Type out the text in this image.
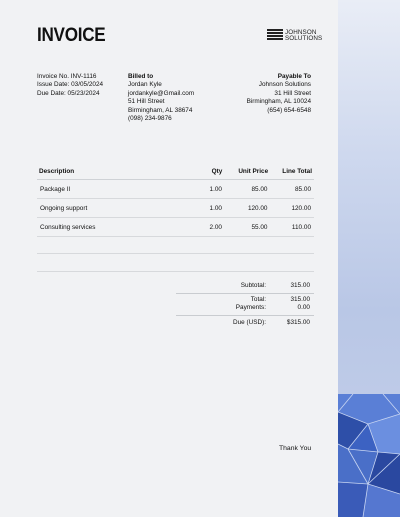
INVOICE	JOHNSON
SOLUTIONS
Invoice No. INV-1116
Issue Date: 03/05/2024
Due Date: 05/23/2024
Billed to
Jordan Kyle
jordankyle@Gmail.com
51 Hill Street
Birmingham, AL 38674
(098) 234-9876
Payable To
Johnson Solutions
31 Hill Street
Birmingham, AL 10024
(654) 654-6548
Description	Qty	Unit Price	Line Total
Package II	1.00	85.00	85.00
Ongoing support	1.00	120.00	120.00
Consulting services	2.00	55.00	110.00
Subtotal:	315.00
Total:	315.00
Payments:	0.00
Due (USD):	$315.00
Thank You
